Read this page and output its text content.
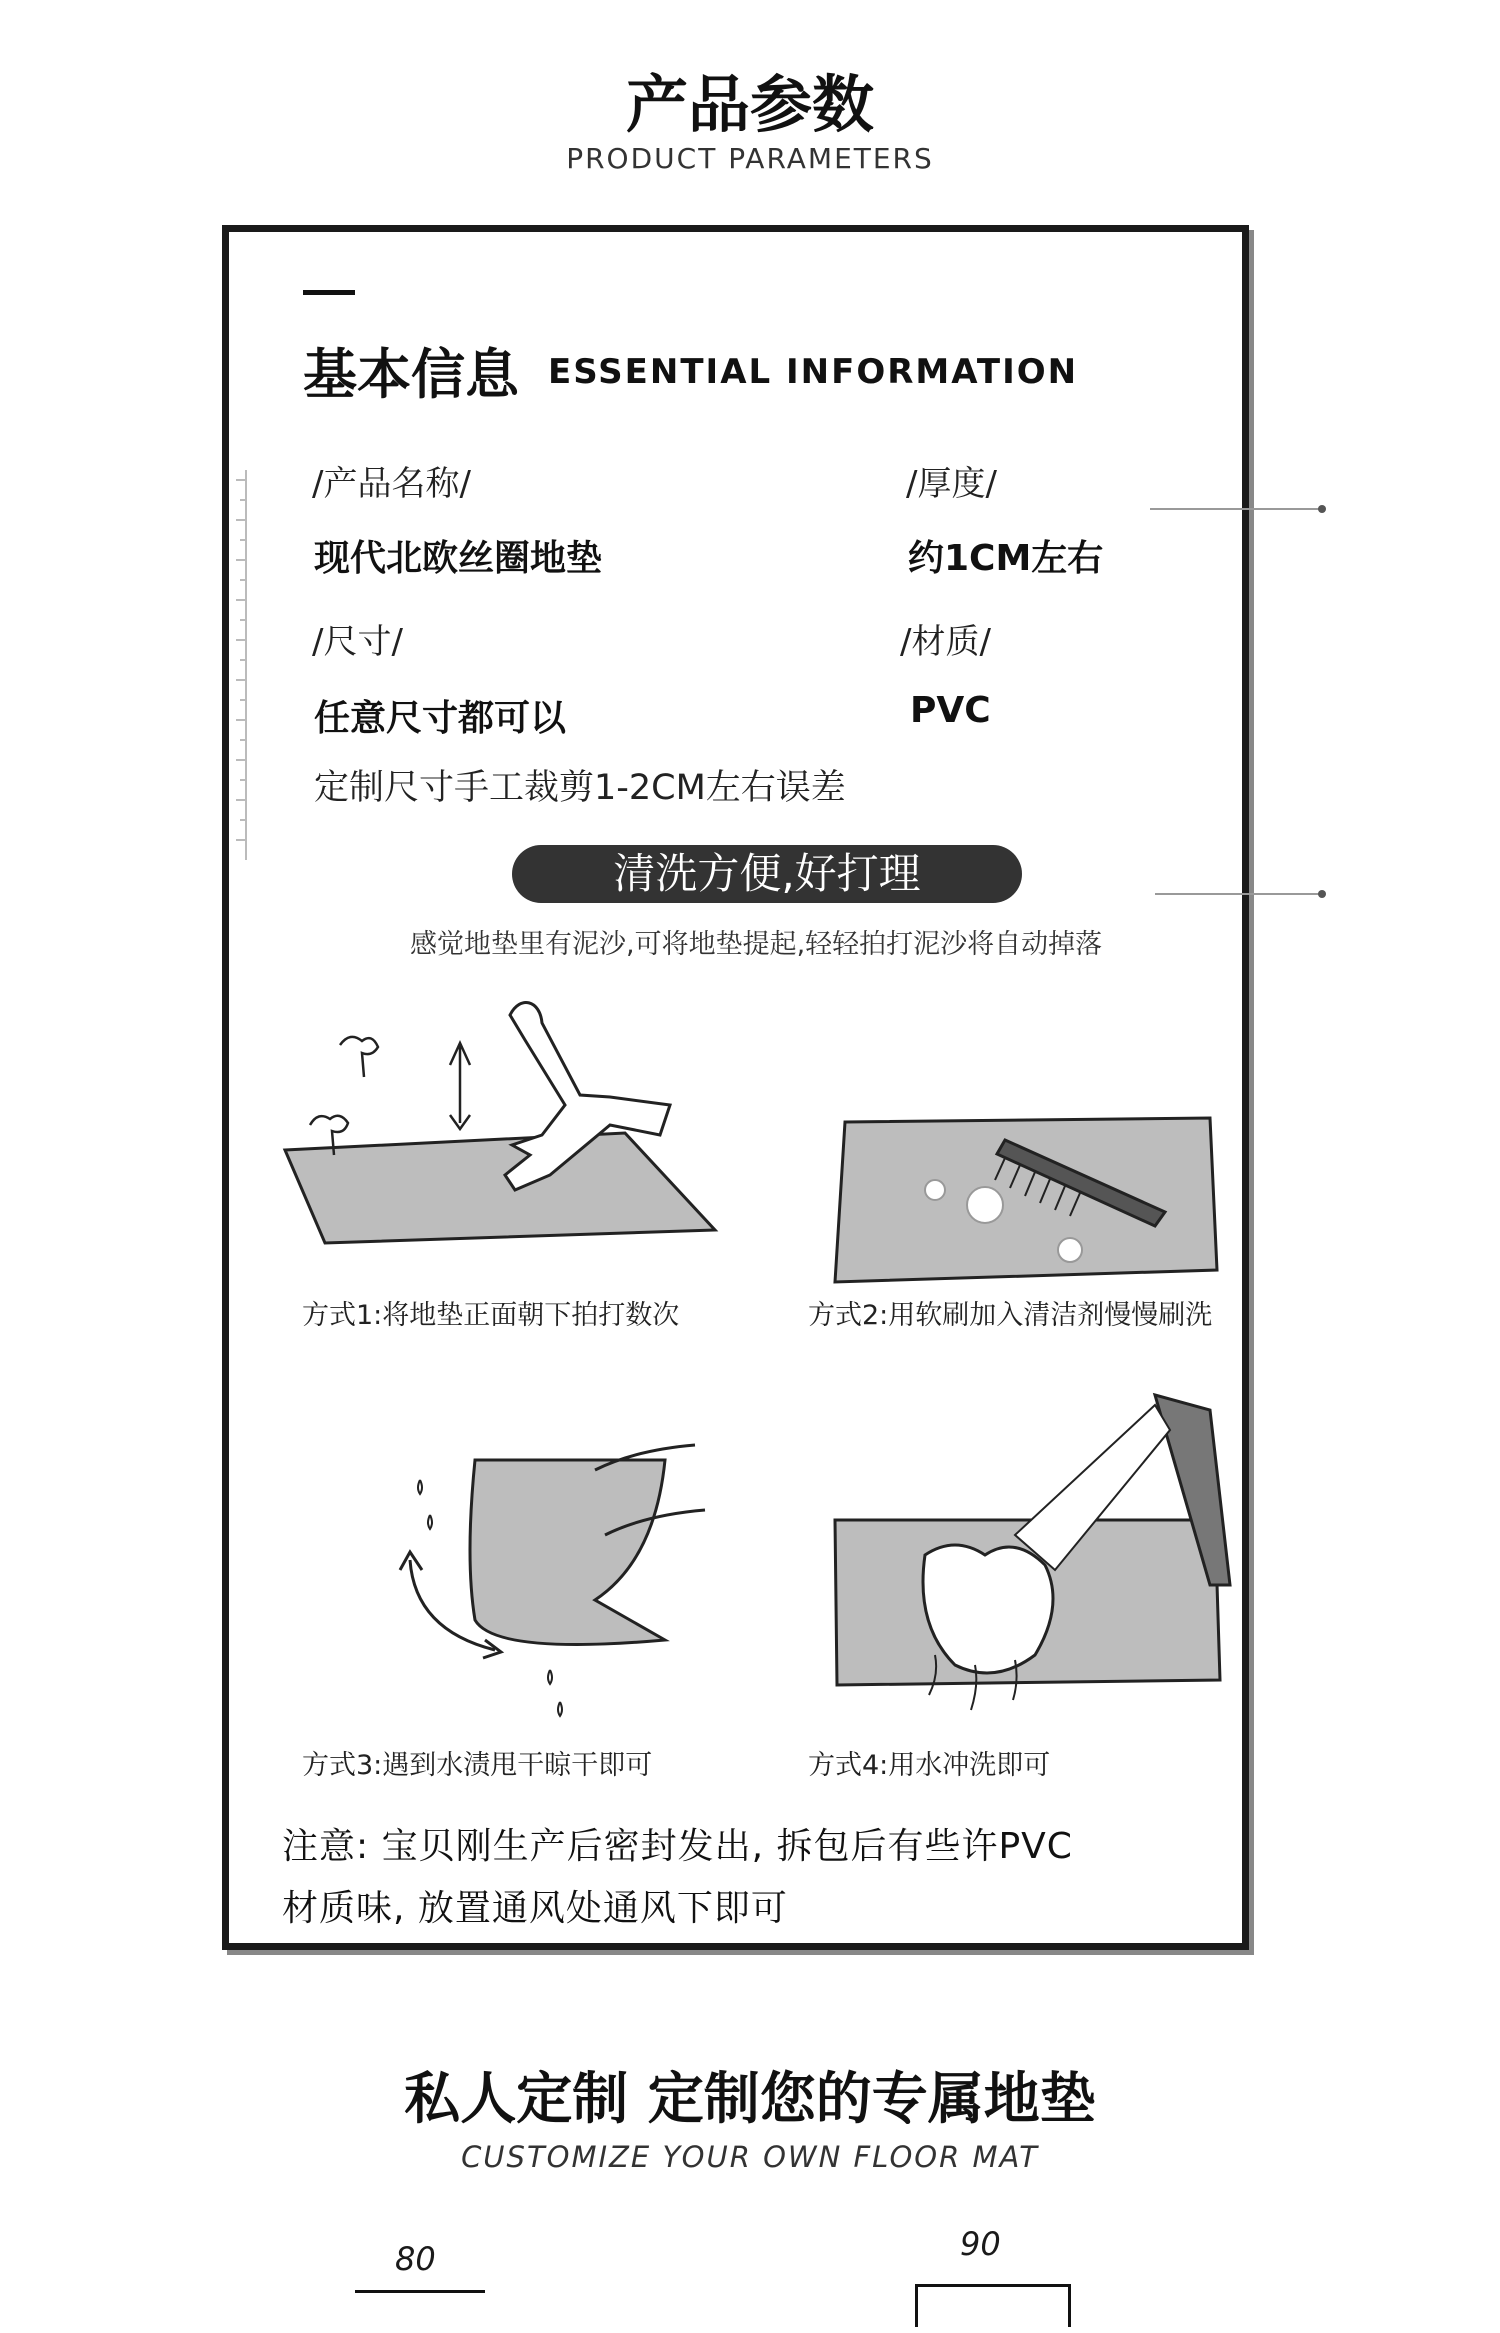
产品参数
PRODUCT PARAMETERS
基本信息 ESSENTIAL INFORMATION
/产品名称/
现代北欧丝圈地垫
/厚度/
约1CM左右
/尺寸/
任意尺寸都可以
/材质/
PVC
定制尺寸手工裁剪1-2CM左右误差
清洗方便,好打理
感觉地垫里有泥沙,可将地垫提起,轻轻拍打泥沙将自动掉落
方式1:将地垫正面朝下拍打数次	方式2:用软刷加入清洁剂慢慢刷洗
方式3:遇到水渍甩干晾干即可	方式4:用水冲洗即可
注意: 宝贝刚生产后密封发出, 拆包后有些许PVC
材质味, 放置通风处通风下即可
私人定制 定制您的专属地垫
CUSTOMIZE YOUR OWN FLOOR MAT
80	90
